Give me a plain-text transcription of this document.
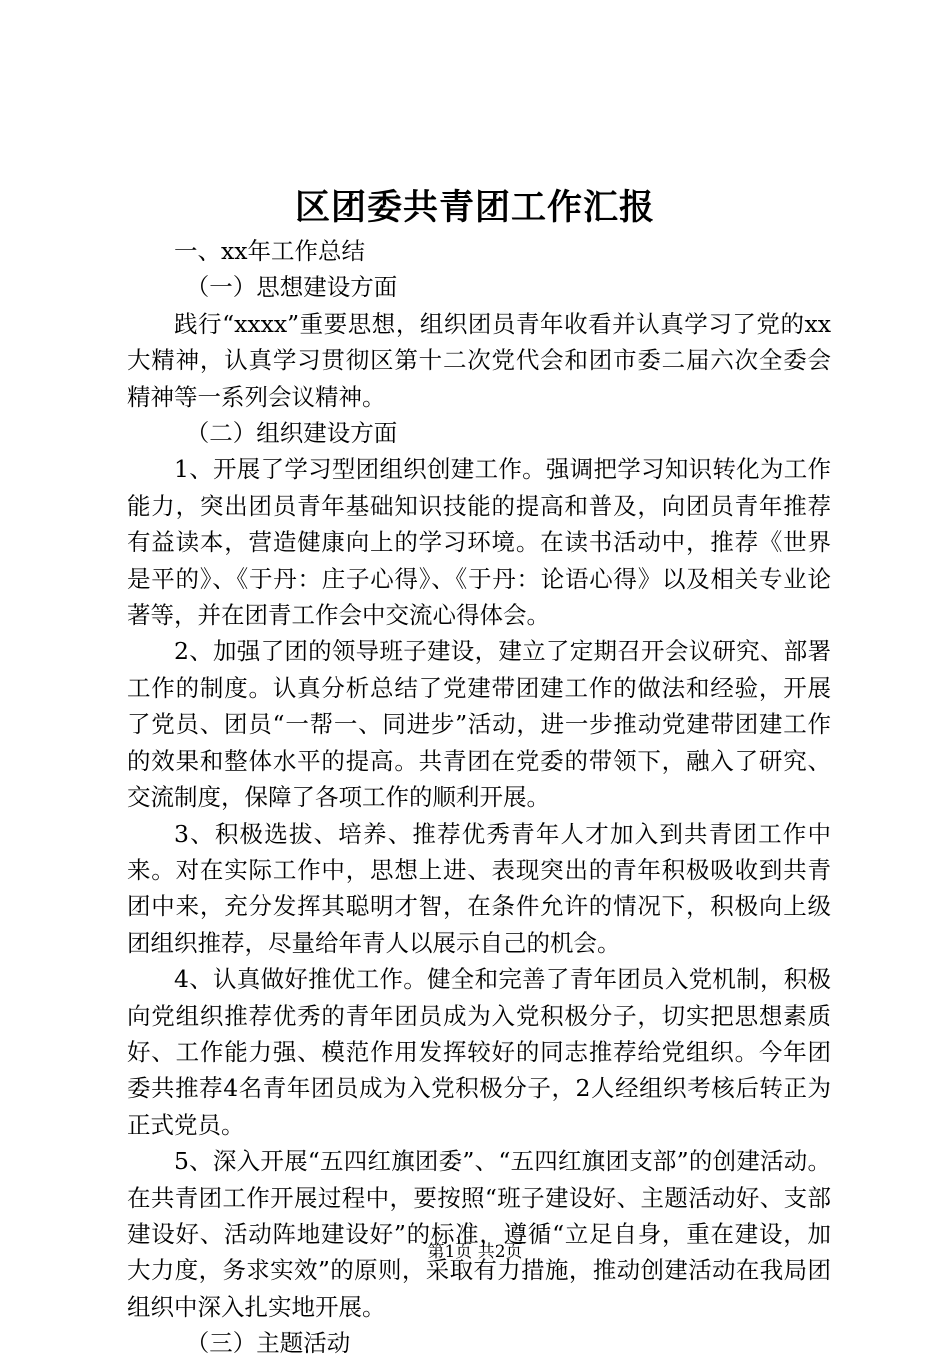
区团委共青团工作汇报

一、xx年工作总结

（一）思想建设方面

践行“xxxx”重要思想，组织团员青年收看并认真学习了党的xx大精神，认真学习贯彻区第十二次党代会和团市委二届六次全委会精神等一系列会议精神。

（二）组织建设方面

1、开展了学习型团组织创建工作。强调把学习知识转化为工作能力，突出团员青年基础知识技能的提高和普及，向团员青年推荐有益读本，营造健康向上的学习环境。在读书活动中，推荐《世界是平的》、《于丹：庄子心得》、《于丹：论语心得》以及相关专业论著等，并在团青工作会中交流心得体会。

2、加强了团的领导班子建设，建立了定期召开会议研究、部署工作的制度。认真分析总结了党建带团建工作的做法和经验，开展了党员、团员“一帮一、同进步”活动，进一步推动党建带团建工作的效果和整体水平的提高。共青团在党委的带领下，融入了研究、交流制度，保障了各项工作的顺利开展。

3、积极选拔、培养、推荐优秀青年人才加入到共青团工作中来。对在实际工作中，思想上进、表现突出的青年积极吸收到共青团中来，充分发挥其聪明才智，在条件允许的情况下，积极向上级团组织推荐，尽量给年青人以展示自己的机会。

4、认真做好推优工作。健全和完善了青年团员入党机制，积极向党组织推荐优秀的青年团员成为入党积极分子，切实把思想素质好、工作能力强、模范作用发挥较好的同志推荐给党组织。今年团委共推荐4名青年团员成为入党积极分子，2人经组织考核后转正为正式党员。

5、深入开展“五四红旗团委”、“五四红旗团支部”的创建活动。在共青团工作开展过程中，要按照“班子建设好、主题活动好、支部建设好、活动阵地建设好”的标准，遵循“立足自身，重在建设，加大力度，务求实效”的原则，采取有力措施，推动创建活动在我局团组织中深入扎实地开展。

（三）主题活动

第1页 共2页
